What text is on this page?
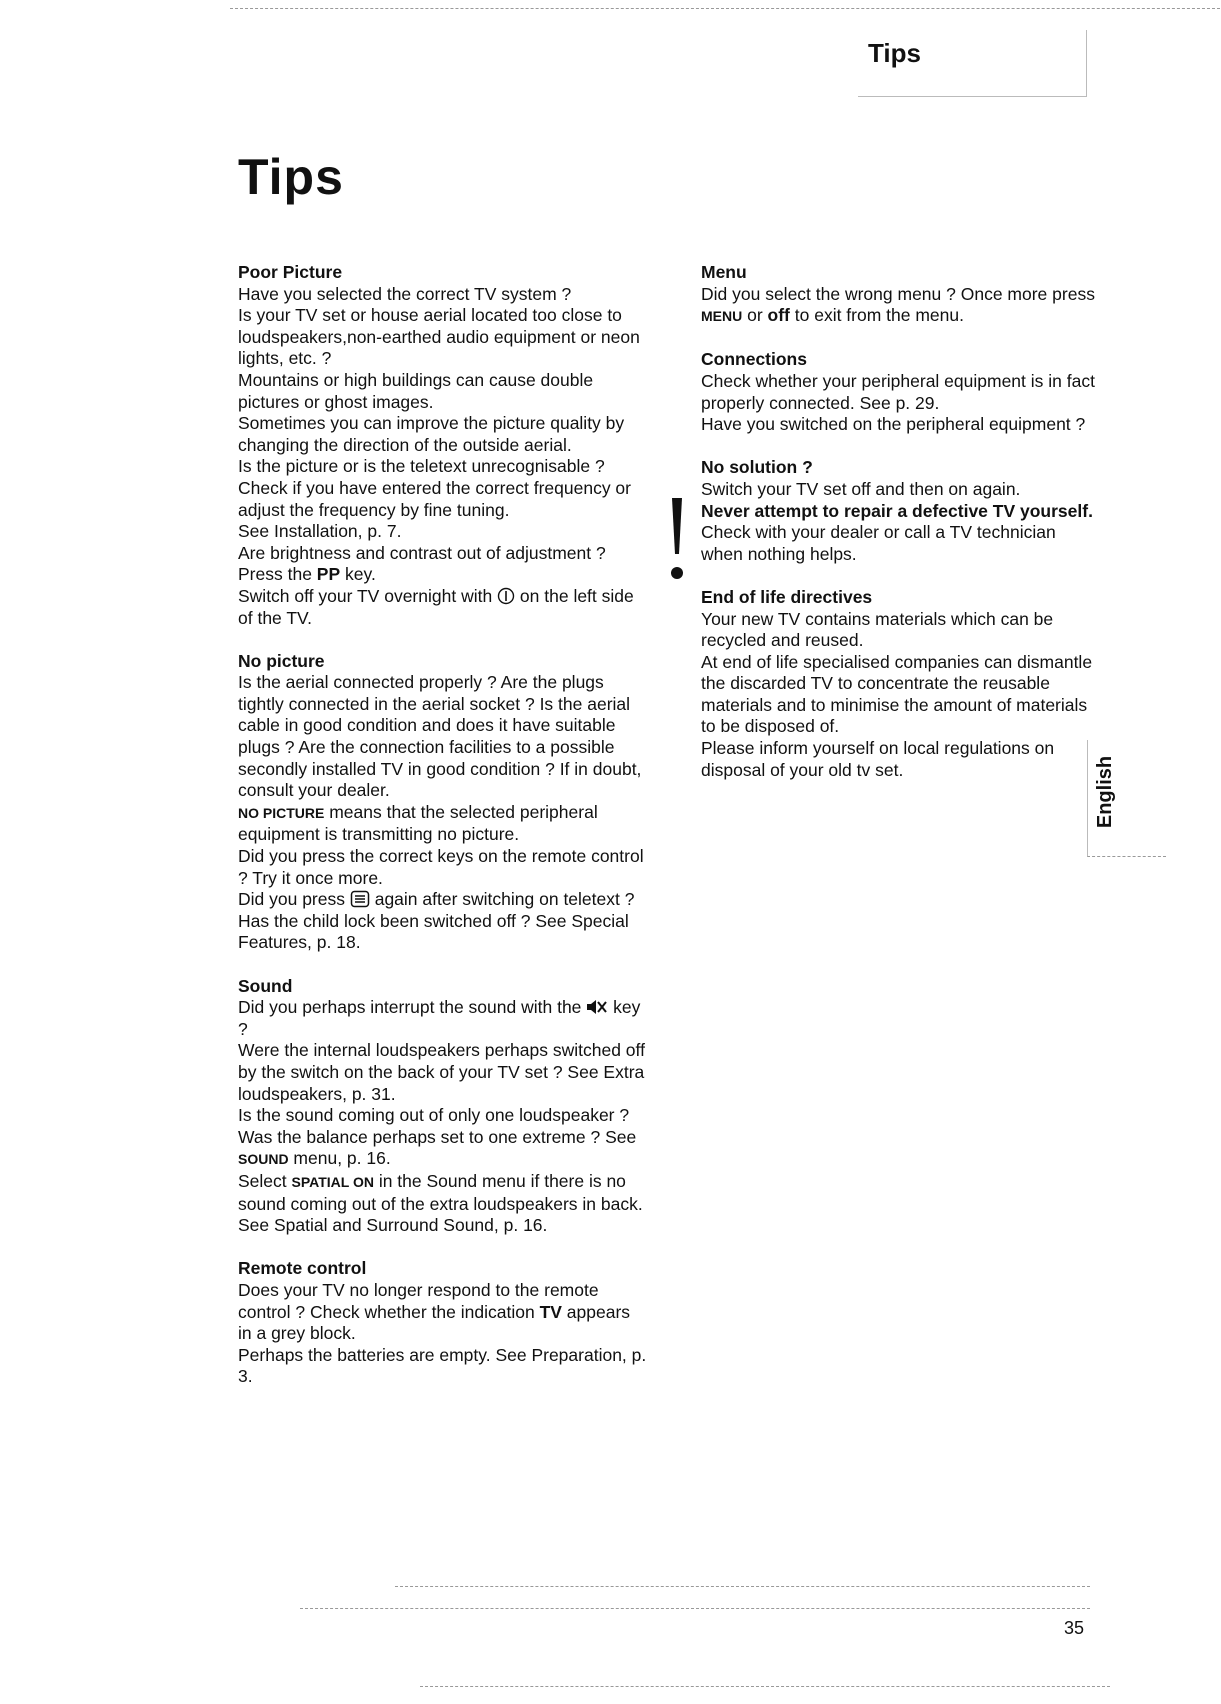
Tips
Tips
Poor Picture

Have you selected the correct TV system ?

Is your TV set or house aerial located too close to loudspeakers,non-earthed audio equipment or neon lights, etc. ?

Mountains or high buildings can cause double pictures or ghost images.

Sometimes you can improve the picture quality by changing the direction of the outside aerial.

Is the picture or is the teletext unrecognisable ? Check if you have entered the correct frequency or adjust the frequency by fine tuning.

See Installation, p. 7.

Are brightness and contrast out of adjustment ? Press the PP key.

Switch off your TV overnight with  on the left side of the TV.

No picture

Is the aerial connected properly ? Are the plugs tightly connected in the aerial socket ? Is the aerial cable in good condition and does it have suitable plugs ? Are the connection facilities to a possible secondly installed TV in good condition ? If in doubt, consult your dealer.

NO PICTURE means that the selected peripheral equipment is transmitting no picture.

Did you press the correct keys on the remote control ? Try it once more.

Did you press  again after switching on teletext ?

Has the child lock been switched off ? See Special Features, p. 18.

Sound

Did you perhaps interrupt the sound with the  key ?

Were the internal loudspeakers perhaps switched off by the switch on the back of your TV set ? See Extra loudspeakers, p. 31.

Is the sound coming out of only one loudspeaker ? Was the balance perhaps set to one extreme ? See SOUND menu, p. 16.

Select SPATIAL ON in the Sound menu if there is no sound coming out of the extra loudspeakers in back. See Spatial and Surround Sound, p. 16.

Remote control

Does your TV no longer respond to the remote control ? Check whether the indication TV appears in a grey block.

Perhaps the batteries are empty. See Preparation, p. 3.

Menu

Did you select the wrong menu ? Once more press MENU or off to exit from the menu.

Connections

Check whether your peripheral equipment is in fact properly connected. See p. 29.

Have you switched on the peripheral equipment ?

No solution ?

Switch your TV set off and then on again.

Never attempt to repair a defective TV yourself.

Check with your dealer or call a TV technician when nothing helps.

End of life directives

Your new TV contains materials which can be recycled and reused.

At end of life specialised companies can dismantle the discarded TV to concentrate the reusable materials and to minimise the amount of materials to be disposed of.

Please inform yourself on local regulations on disposal of your old tv set.	English
35
